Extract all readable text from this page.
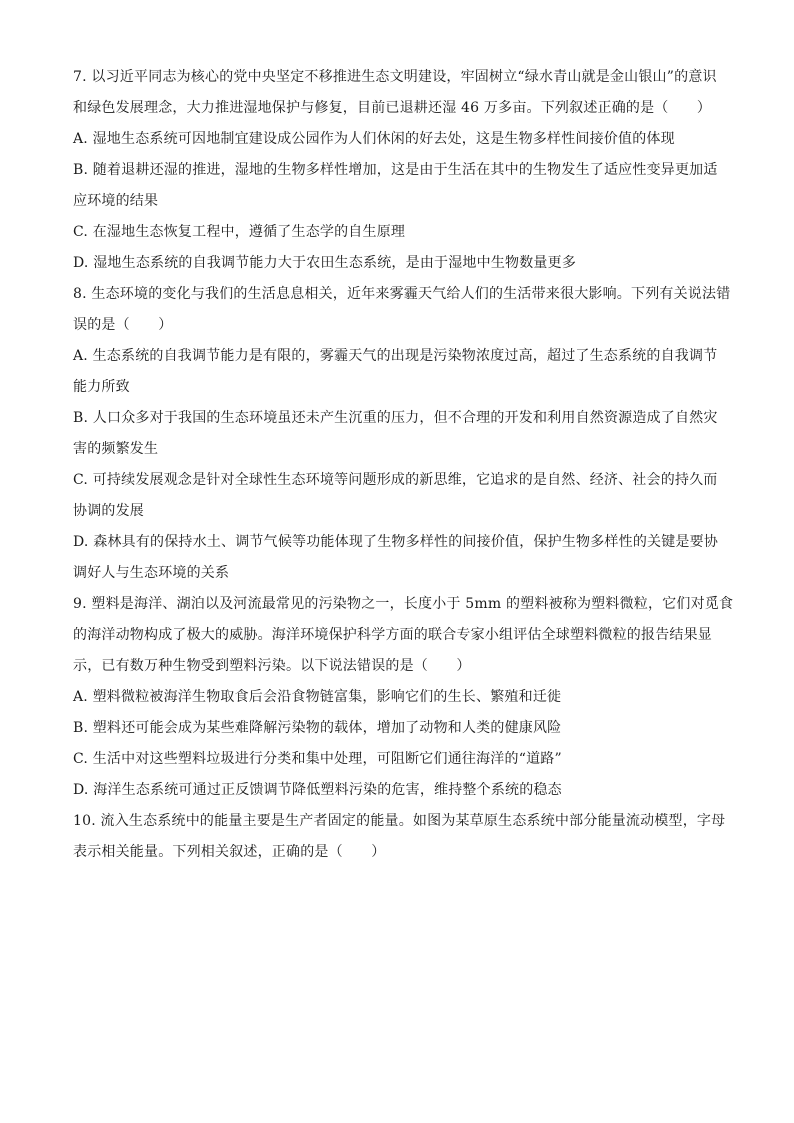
7. 以习近平同志为核心的党中央坚定不移推进生态文明建设，牢固树立“绿水青山就是金山银山”的意识
和绿色发展理念，大力推进湿地保护与修复，目前已退耕还湿 46 万多亩。下列叙述正确的是（　　）
A. 湿地生态系统可因地制宜建设成公园作为人们休闲的好去处，这是生物多样性间接价值的体现
B. 随着退耕还湿的推进，湿地的生物多样性增加，这是由于生活在其中的生物发生了适应性变异更加适
应环境的结果
C. 在湿地生态恢复工程中，遵循了生态学的自生原理
D. 湿地生态系统的自我调节能力大于农田生态系统，是由于湿地中生物数量更多
8. 生态环境的变化与我们的生活息息相关，近年来雾霾天气给人们的生活带来很大影响。下列有关说法错
误的是（　　）
A. 生态系统的自我调节能力是有限的，雾霾天气的出现是污染物浓度过高，超过了生态系统的自我调节
能力所致
B. 人口众多对于我国的生态环境虽还未产生沉重的压力，但不合理的开发和利用自然资源造成了自然灾
害的频繁发生
C. 可持续发展观念是针对全球性生态环境等问题形成的新思维，它追求的是自然、经济、社会的持久而
协调的发展
D. 森林具有的保持水土、调节气候等功能体现了生物多样性的间接价值，保护生物多样性的关键是要协
调好人与生态环境的关系
9. 塑料是海洋、湖泊以及河流最常见的污染物之一，长度小于 5mm 的塑料被称为塑料微粒，它们对觅食
的海洋动物构成了极大的威胁。海洋环境保护科学方面的联合专家小组评估全球塑料微粒的报告结果显
示，已有数万种生物受到塑料污染。以下说法错误的是（　　）
A. 塑料微粒被海洋生物取食后会沿食物链富集，影响它们的生长、繁殖和迁徙
B. 塑料还可能会成为某些难降解污染物的载体，增加了动物和人类的健康风险
C. 生活中对这些塑料垃圾进行分类和集中处理，可阻断它们通往海洋的“道路”
D. 海洋生态系统可通过正反馈调节降低塑料污染的危害，维持整个系统的稳态
10. 流入生态系统中的能量主要是生产者固定的能量。如图为某草原生态系统中部分能量流动模型，字母
表示相关能量。下列相关叙述，正确的是（　　）
